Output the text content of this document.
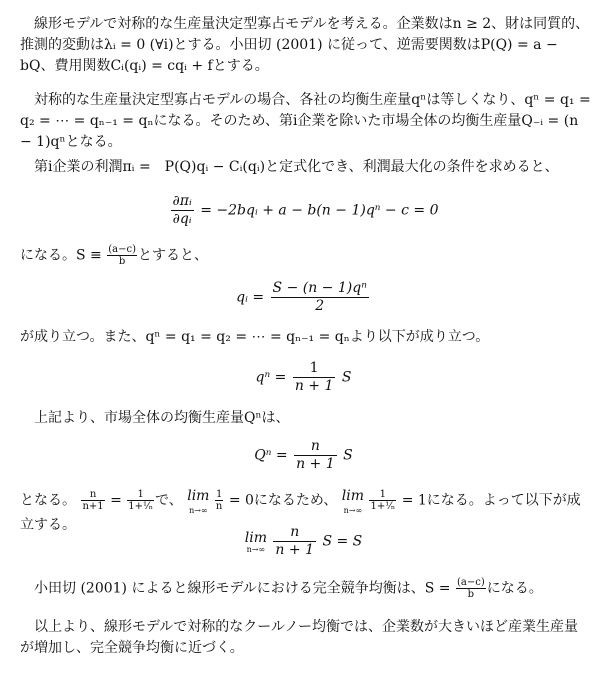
　線形モデルで対称的な生産量決定型寡占モデルを考える。企業数はn ≥ 2、財は同質的、推測的変動はλᵢ = 0 (∀i)とする。小田切 (2001) に従って、逆需要関数はP(Q) = a − bQ、費用関数Cᵢ(qᵢ) = cqᵢ + fとする。

　対称的な生産量決定型寡占モデルの場合、各社の均衡生産量qⁿは等しくなり、qⁿ = q₁ = q₂ = ⋯ = qₙ₋₁ = qₙになる。そのため、第i企業を除いた市場全体の均衡生産量Q₋ᵢ = (n − 1)qⁿとなる。

　第i企業の利潤πᵢ =　P(Q)qᵢ − Cᵢ(qᵢ)と定式化でき、利潤最大化の条件を求めると、

$\frac{\text{∂πᵢ}}{\text{∂qᵢ}}$ = −2bqᵢ + a − b(n − 1)qⁿ − c = 0

になる。$S \equiv \frac{(a-c)}{b}$ とすると、

qᵢ = $\frac{\text{S − (n − 1)qⁿ}}{2}$

が成り立つ。また、qⁿ = q₁ = q₂ = ⋯ = qₙ₋₁ = qₙより以下が成り立つ。

$q^n = \frac{1}{n + 1}$ S

　上記より、市場全体の均衡生産量Qⁿは、

$Q^n = \frac{n}{n + 1}$ S

となる。 $\frac{n}{n+1} = \frac{1}{\text{1+¹⁄ₙ}}$ で、 lim
n→∞
$\frac{1}{n} = 0$になるため、 lim
n→∞
$\frac{1}{\text{1+¹⁄ₙ}} = 1$になる。よって以下が成立する。

lim
n→∞
$\frac{n}{n + 1}$ S = S

　小田切 (2001) によると線形モデルにおける完全競争均衡は、$S = \frac{(a-c)}{b}$ になる。

　以上より、線形モデルで対称的なクールノー均衡では、企業数が大きいほど産業生産量が増加し、完全競争均衡に近づく。
